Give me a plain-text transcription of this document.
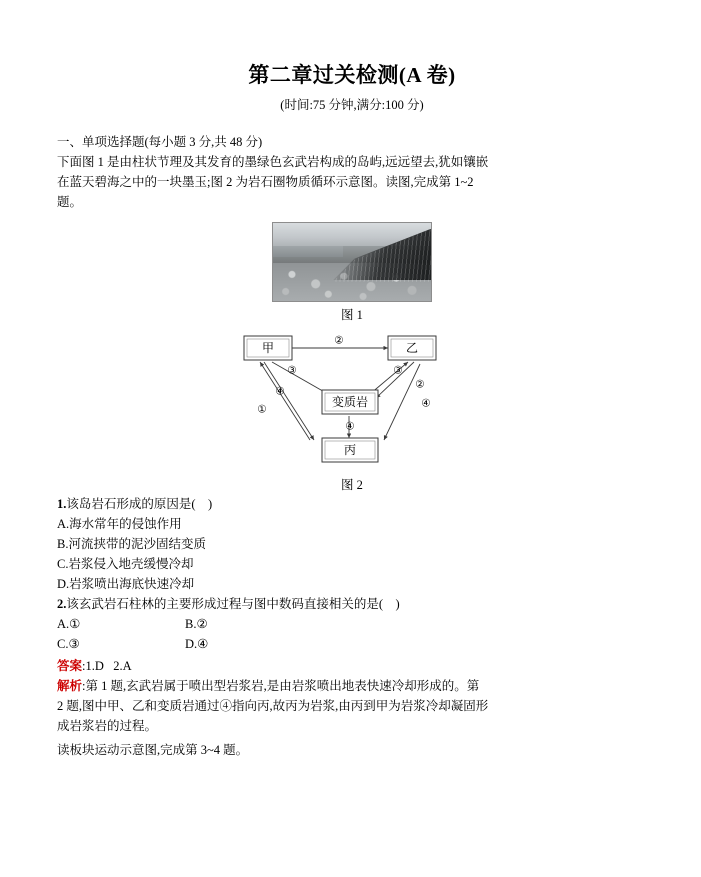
第二章过关检测(A 卷)
(时间:75 分钟,满分:100 分)

一、单项选择题(每小题 3 分,共 48 分)

下面图 1 是由柱状节理及其发育的墨绿色玄武岩构成的岛屿,远远望去,犹如镶嵌

在蓝天碧海之中的一块墨玉;图 2 为岩石圈物质循环示意图。读图,完成第 1~2

题。

图 1
甲	乙
变质岩
丙
②
③	③
②
④
④
①
④
图 2

1.该岛岩石形成的原因是( )

A.海水常年的侵蚀作用

B.河流挟带的泥沙固结变质

C.岩浆侵入地壳缓慢冷却

D.岩浆喷出海底快速冷却

2.该玄武岩石柱林的主要形成过程与图中数码直接相关的是( )

A.①	B.②
C.③	D.④
答案:1.D   2.A

解析:第 1 题,玄武岩属于喷出型岩浆岩,是由岩浆喷出地表快速冷却形成的。第

2 题,图中甲、乙和变质岩通过④指向丙,故丙为岩浆,由丙到甲为岩浆冷却凝固形

成岩浆岩的过程。

读板块运动示意图,完成第 3~4 题。
